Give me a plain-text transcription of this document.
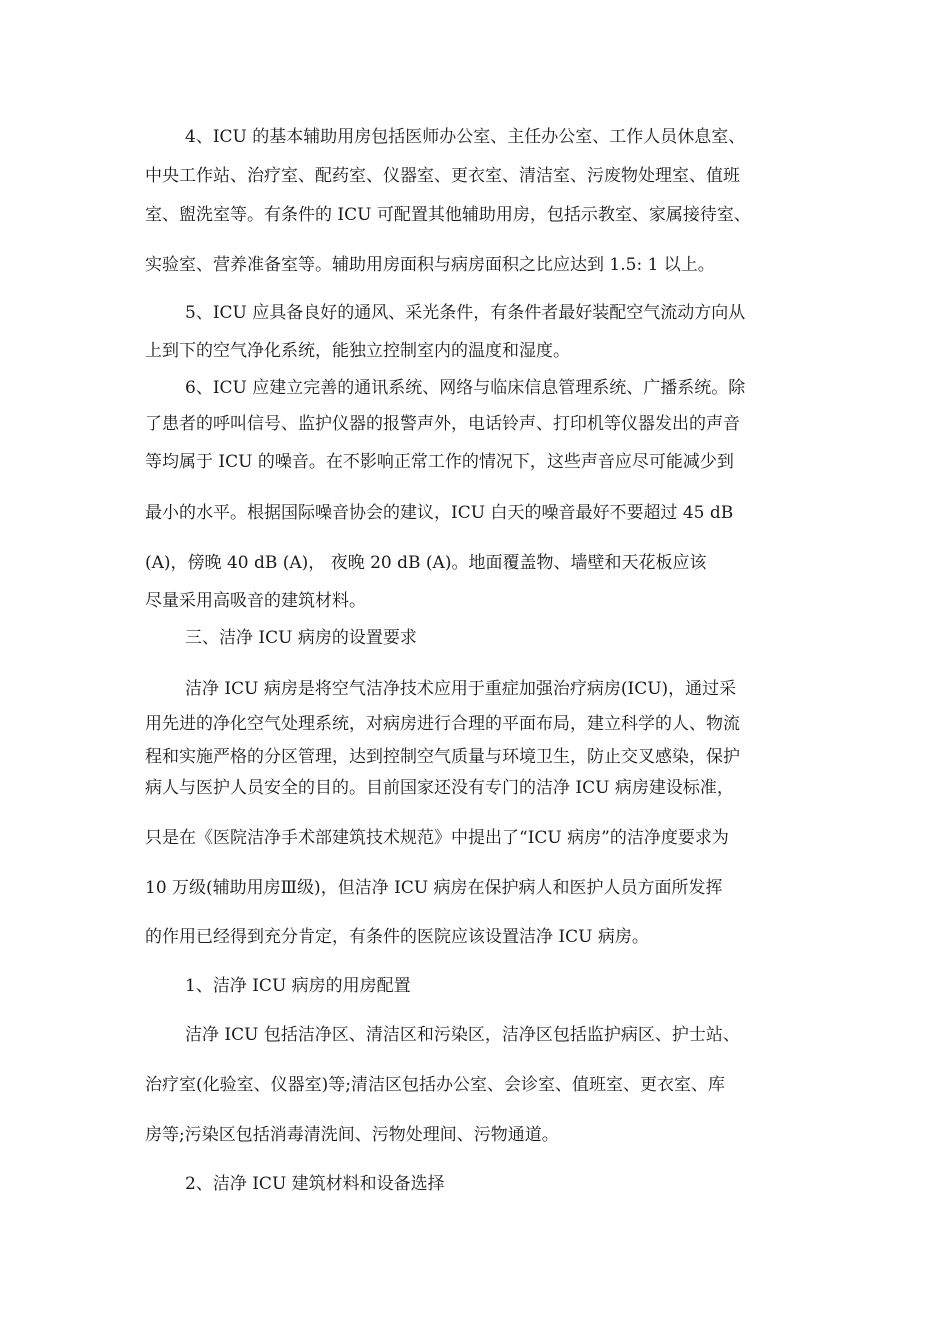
4、ICU 的基本辅助用房包括医师办公室、主任办公室、工作人员休息室、
中央工作站、治疗室、配药室、仪器室、更衣室、清洁室、污废物处理室、值班
室、盥洗室等。有条件的 ICU 可配置其他辅助用房，包括示教室、家属接待室、
实验室、营养准备室等。辅助用房面积与病房面积之比应达到 1.5: 1 以上。
5、ICU 应具备良好的通风、采光条件，有条件者最好装配空气流动方向从
上到下的空气净化系统，能独立控制室内的温度和湿度。
6、ICU 应建立完善的通讯系统、网络与临床信息管理系统、广播系统。除
了患者的呼叫信号、监护仪器的报警声外，电话铃声、打印机等仪器发出的声音
等均属于 ICU 的噪音。在不影响正常工作的情况下，这些声音应尽可能减少到
最小的水平。根据国际噪音协会的建议，ICU 白天的噪音最好不要超过 45 dB
(A)，傍晚 40 dB (A)， 夜晚 20 dB (A)。地面覆盖物、墙壁和天花板应该
尽量采用高吸音的建筑材料。
三、洁净 ICU 病房的设置要求
洁净 ICU 病房是将空气洁净技术应用于重症加强治疗病房(ICU)，通过采
用先进的净化空气处理系统，对病房进行合理的平面布局，建立科学的人、物流
程和实施严格的分区管理，达到控制空气质量与环境卫生，防止交叉感染，保护
病人与医护人员安全的目的。目前国家还没有专门的洁净 ICU 病房建设标准，
只是在《医院洁净手术部建筑技术规范》中提出了“ICU 病房”的洁净度要求为
10 万级(辅助用房Ⅲ级)，但洁净 ICU 病房在保护病人和医护人员方面所发挥
的作用已经得到充分肯定，有条件的医院应该设置洁净 ICU 病房。
1、洁净 ICU 病房的用房配置
洁净 ICU 包括洁净区、清洁区和污染区，洁净区包括监护病区、护士站、
治疗室(化验室、仪器室)等;清洁区包括办公室、会诊室、值班室、更衣室、库
房等;污染区包括消毒清洗间、污物处理间、污物通道。
2、洁净 ICU 建筑材料和设备选择
